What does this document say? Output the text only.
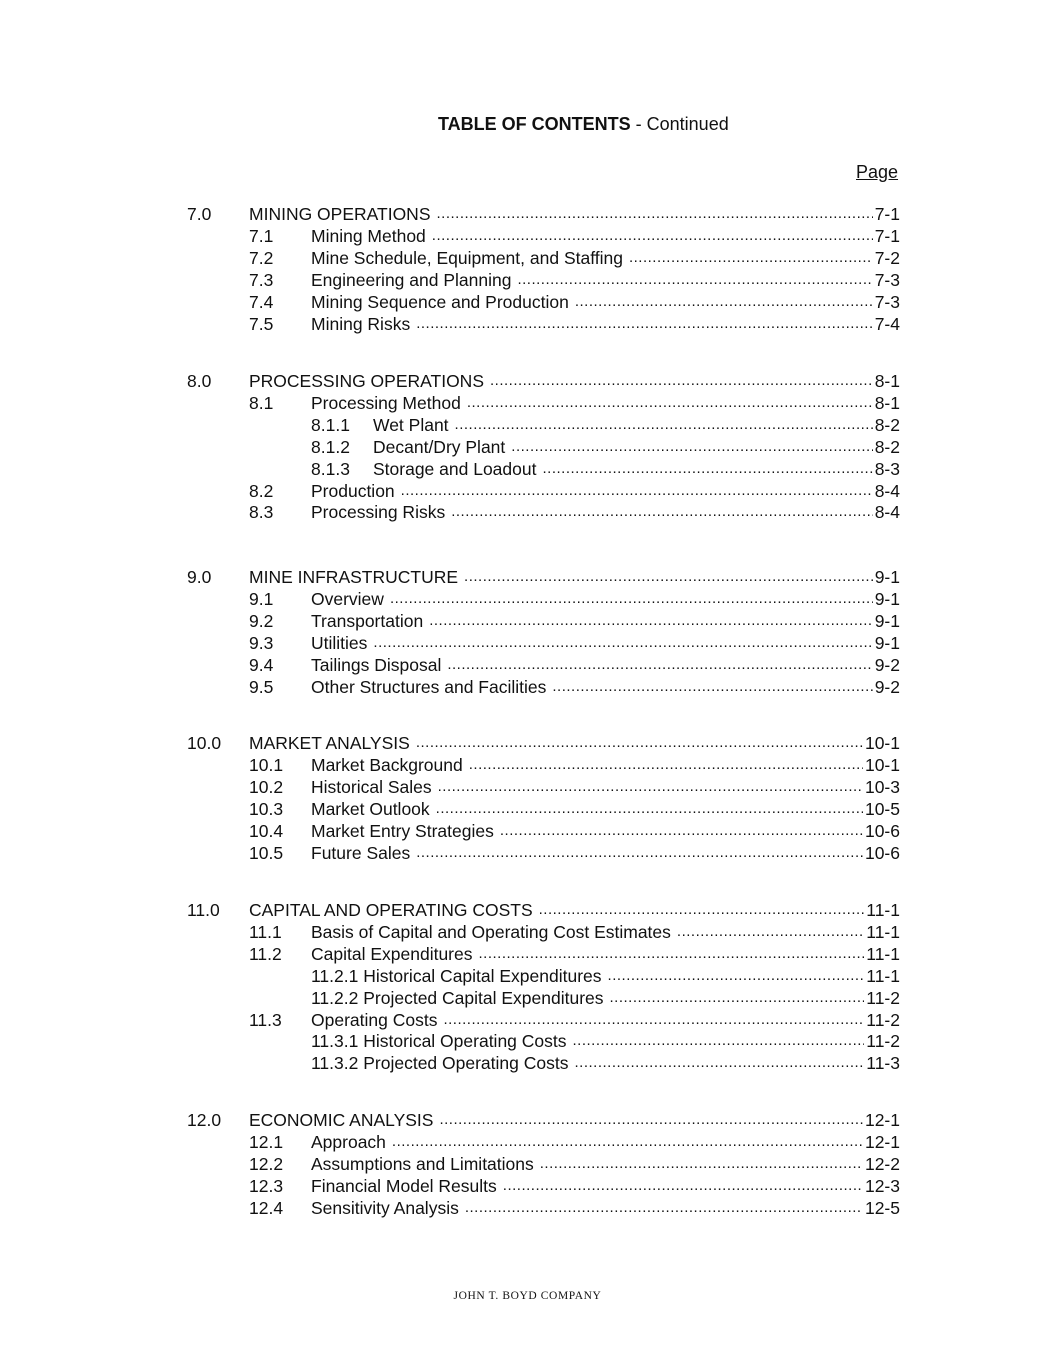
TABLE OF CONTENTS - Continued
Page
7.0 MINING OPERATIONS .....	7-1
7.1 Mining Method .....	7-1
7.2 Mine Schedule, Equipment, and Staffing .....	7-2
7.3 Engineering and Planning .....	7-3
7.4 Mining Sequence and Production .....	7-3
7.5 Mining Risks .....	7-4
8.0 PROCESSING OPERATIONS .....	8-1
8.1 Processing Method .....	8-1
8.1.1 Wet Plant .....	8-2
8.1.2 Decant/Dry Plant .....	8-2
8.1.3 Storage and Loadout .....	8-3
8.2 Production .....	8-4
8.3 Processing Risks .....	8-4
9.0 MINE INFRASTRUCTURE .....	9-1
9.1 Overview .....	9-1
9.2 Transportation .....	9-1
9.3 Utilities .....	9-1
9.4 Tailings Disposal .....	9-2
9.5 Other Structures and Facilities .....	9-2
10.0 MARKET ANALYSIS .....	10-1
10.1 Market Background .....	10-1
10.2 Historical Sales .....	10-3
10.3 Market Outlook .....	10-5
10.4 Market Entry Strategies .....	10-6
10.5 Future Sales .....	10-6
11.0 CAPITAL AND OPERATING COSTS .....	11-1
11.1 Basis of Capital and Operating Cost Estimates .....	11-1
11.2 Capital Expenditures .....	11-1
11.2.1 Historical Capital Expenditures .....	11-1
11.2.2 Projected Capital Expenditures .....	11-2
11.3 Operating Costs .....	11-2
11.3.1 Historical Operating Costs .....	11-2
11.3.2 Projected Operating Costs .....	11-3
12.0 ECONOMIC ANALYSIS .....	12-1
12.1 Approach .....	12-1
12.2 Assumptions and Limitations .....	12-2
12.3 Financial Model Results .....	12-3
12.4 Sensitivity Analysis .....	12-5
JOHN T. BOYD COMPANY
